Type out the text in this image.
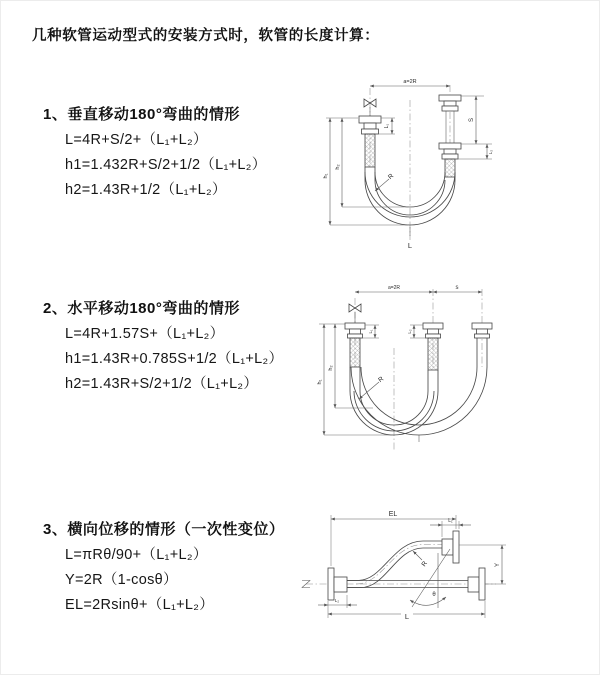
几种软管运动型式的安装方式时，软管的长度计算：
1、垂直移动180°弯曲的情形
L=4R+S/2+（L₁+L₂）
h1=1.432R+S/2+1/2（L₁+L₂）
h2=1.43R+1/2（L₁+L₂）
2、水平移动180°弯曲的情形
L=4R+1.57S+（L₁+L₂）
h1=1.43R+0.785S+1/2（L₁+L₂）
h2=1.43R+S/2+1/2（L₁+L₂）
3、横向位移的情形（一次性变位）
L=πRθ/90+（L₁+L₂）
Y=2R（1-cosθ）
EL=2Rsinθ+（L₁+L₂）
a=2R
L₁
S
L₂
h₂
h₁	R
L
a=2R	s
L₁	L₂
h₂
h₁	R
EL
L₁
Y
L₂
L
R
θ
